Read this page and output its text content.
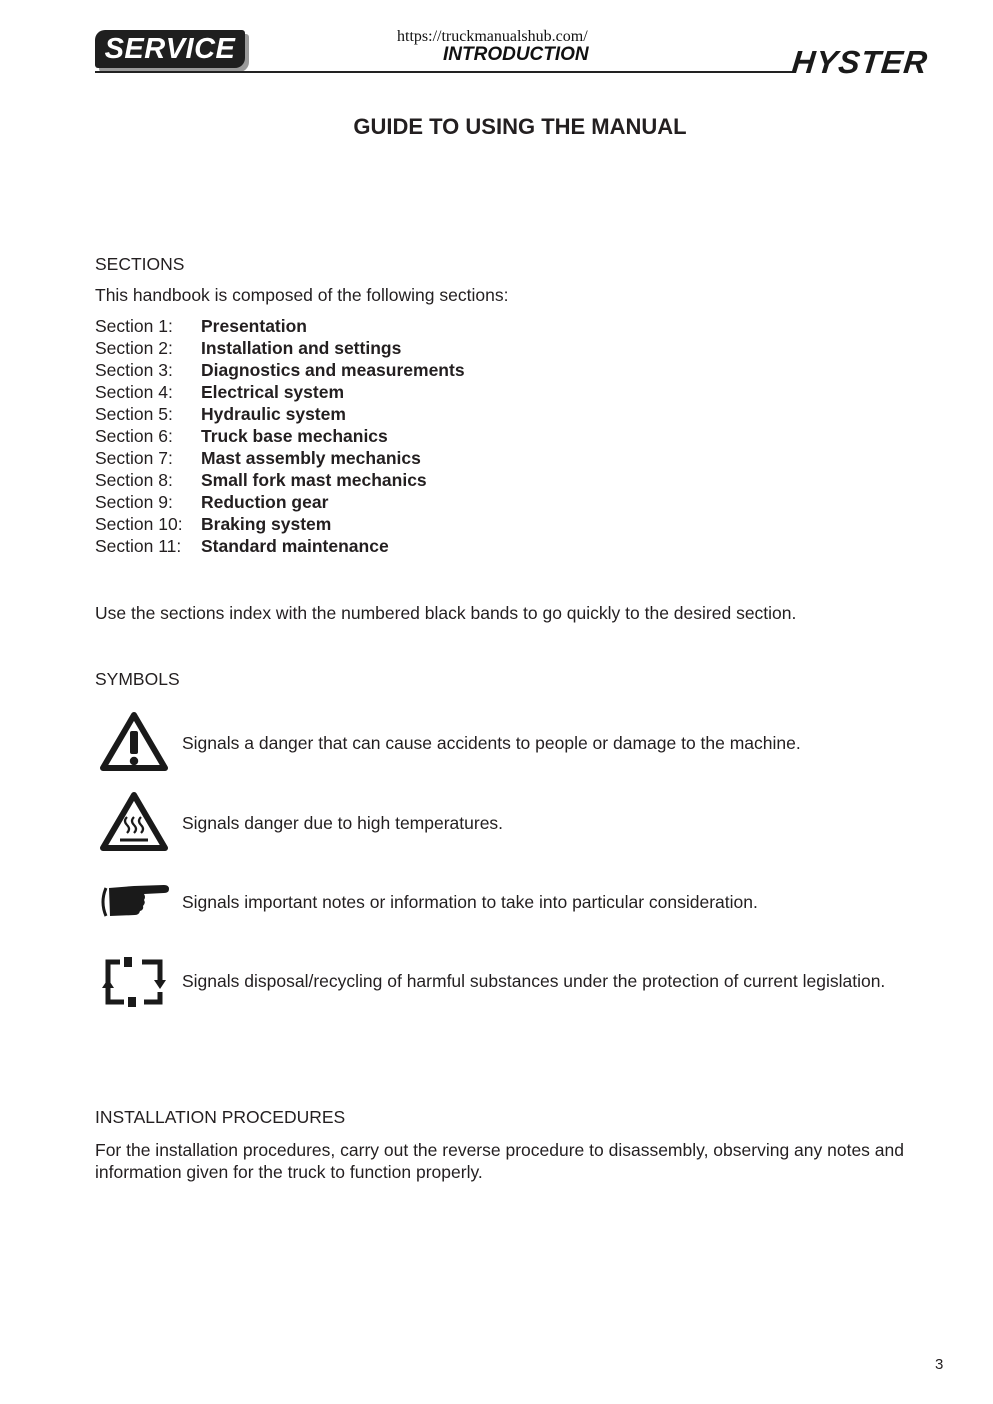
SERVICE	https://truckmanualshub.com/
INTRODUCTION	HYSTER
GUIDE TO USING THE MANUAL
SECTIONS
This handbook is composed of the following sections:
Section 1:	Presentation
Section 2:	Installation and settings
Section 3:	Diagnostics and measurements
Section 4:	Electrical system
Section 5:	Hydraulic system
Section 6:	Truck base mechanics
Section 7:	Mast assembly mechanics
Section 8:	Small fork mast mechanics
Section 9:	Reduction gear
Section 10:	Braking system
Section 11:	Standard maintenance
Use the sections index with the numbered black bands to go quickly to the desired section.
SYMBOLS
Signals a danger that can cause accidents to people or damage to the machine.
Signals danger due to high temperatures.
Signals important notes or information to take into particular consideration.
Signals disposal/recycling of harmful substances under the protection of current legislation.
INSTALLATION PROCEDURES
For the installation procedures, carry out the reverse procedure to disassembly, observing any notes and
information given for the truck to function properly.
3
